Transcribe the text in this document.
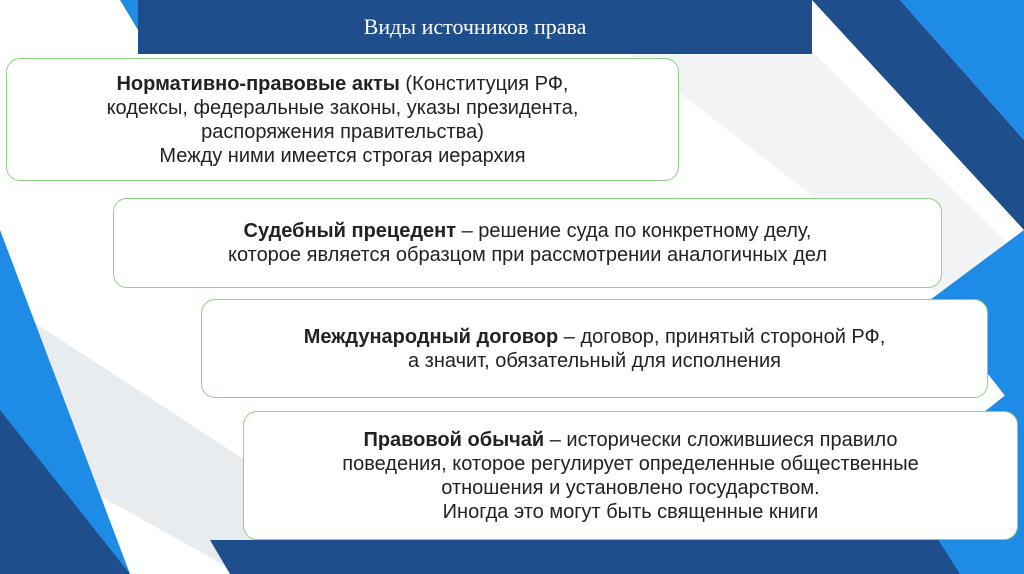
Виды источников права
Нормативно-правовые акты (Конституция РФ,
кодексы, федеральные законы, указы президента,
распоряжения правительства)
Между ними имеется строгая иерархия
Судебный прецедент – решение суда по конкретному делу,
которое является образцом при рассмотрении аналогичных дел
Международный договор – договор, принятый стороной РФ,
а значит, обязательный для исполнения
Правовой обычай – исторически сложившиеся правило
поведения, которое регулирует определенные общественные
отношения и установлено государством.
Иногда это могут быть священные книги
